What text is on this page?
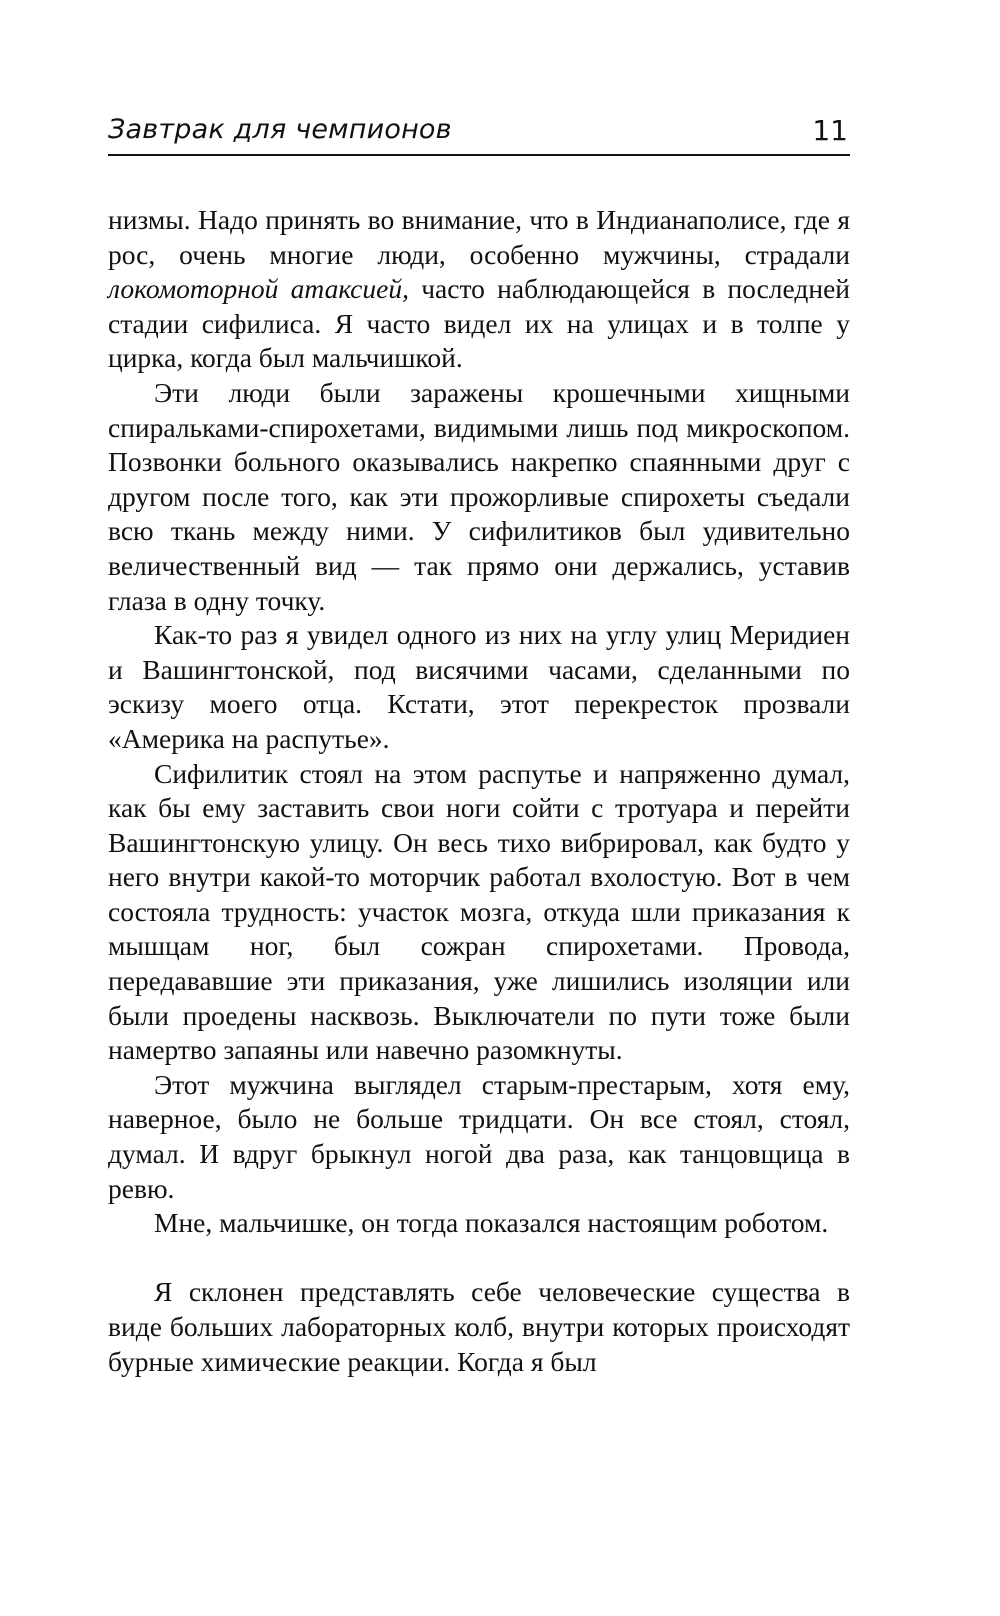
Завтрак для чемпионов	11

низмы. Надо принять во внимание, что в Индианаполисе, где я рос, очень многие люди, особенно мужчины, страдали локомоторной атаксией, часто наблюдающейся в последней стадии сифилиса. Я часто видел их на улицах и в толпе у цирка, когда был мальчишкой.

Эти люди были заражены крошечными хищными спиральками-спирохетами, видимыми лишь под микроскопом. Позвонки больного оказывались накрепко спаянными друг с другом после того, как эти прожорливые спирохеты съедали всю ткань между ними. У сифилитиков был удивительно величественный вид — так прямо они держались, уставив глаза в одну точку.

Как-то раз я увидел одного из них на углу улиц Меридиен и Вашингтонской, под висячими часами, сделанными по эскизу моего отца. Кстати, этот перекресток прозвали «Америка на распутье».

Сифилитик стоял на этом распутье и напряженно думал, как бы ему заставить свои ноги сойти с тротуара и перейти Вашингтонскую улицу. Он весь тихо вибрировал, как будто у него внутри какой-то моторчик работал вхолостую. Вот в чем состояла трудность: участок мозга, откуда шли приказания к мышцам ног, был сожран спирохетами. Провода, передававшие эти приказания, уже лишились изоляции или были проедены насквозь. Выключатели по пути тоже были намертво запаяны или навечно разомкнуты.

Этот мужчина выглядел старым-престарым, хотя ему, наверное, было не больше тридцати. Он все стоял, стоял, думал. И вдруг брыкнул ногой два раза, как танцовщица в ревю.

Мне, мальчишке, он тогда показался настоящим роботом.

Я склонен представлять себе человеческие существа в виде больших лабораторных колб, внутри которых происходят бурные химические реакции. Когда я был
